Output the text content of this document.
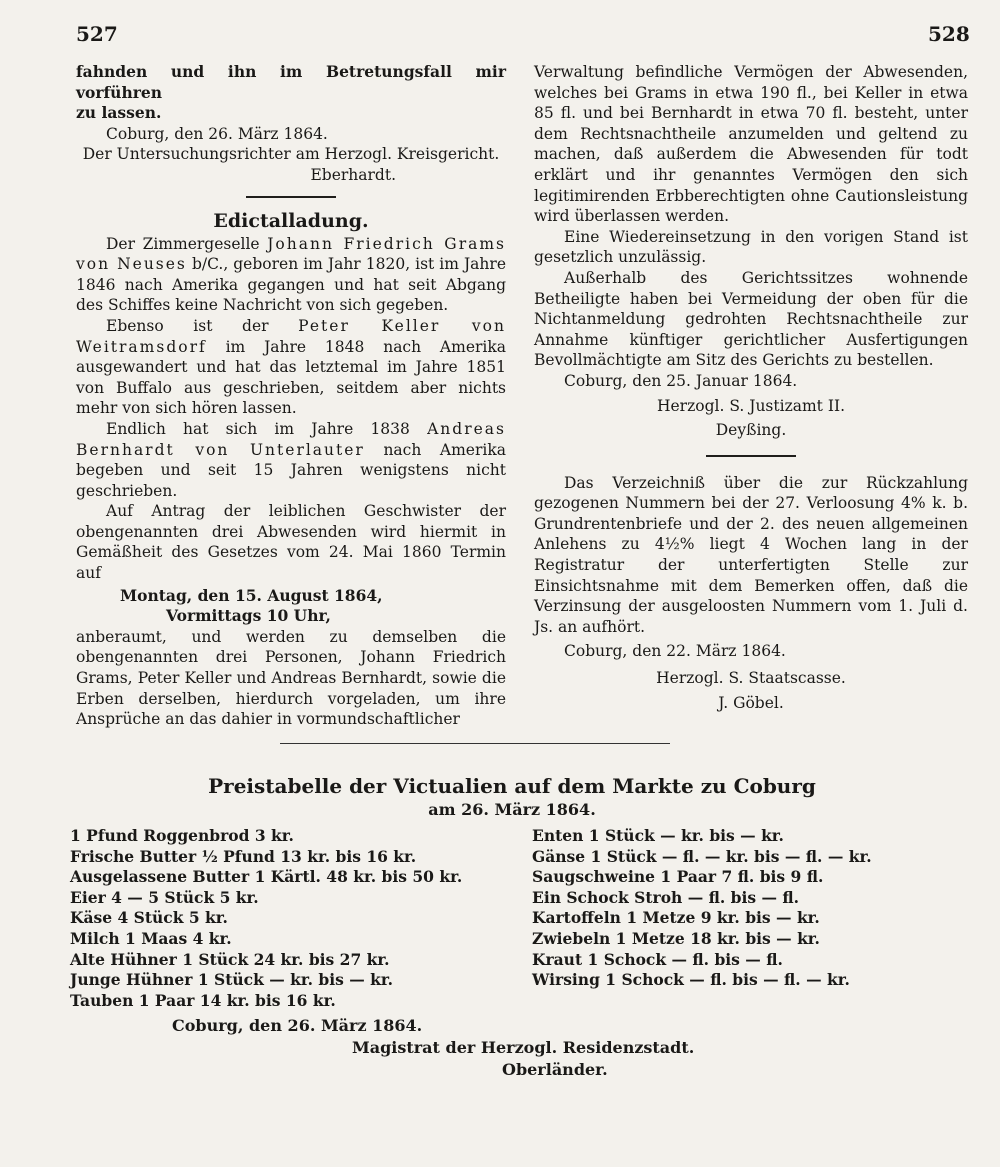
527	528

fahnden und ihn im Betretungsfall mir vorführen

zu lassen.

Coburg, den 26. März 1864.

Der Untersuchungsrichter am Herzogl. Kreisgericht.

Eberhardt.

Edictalladung.

Der Zimmergeselle Johann Friedrich Grams von Neuses b/C., geboren im Jahr 1820, ist im Jahre 1846 nach Amerika gegangen und hat seit Abgang des Schiffes keine Nachricht von sich gegeben.

Ebenso ist der Peter Keller von Weitramsdorf im Jahre 1848 nach Amerika ausgewandert und hat das letztemal im Jahre 1851 von Buffalo aus geschrieben, seitdem aber nichts mehr von sich hören lassen.

Endlich hat sich im Jahre 1838 Andreas Bernhardt von Unterlauter nach Amerika begeben und seit 15 Jahren wenigstens nicht geschrieben.

Auf Antrag der leiblichen Geschwister der obengenannten drei Abwesenden wird hiermit in Gemäßheit des Gesetzes vom 24. Mai 1860 Termin auf

Montag, den 15. August 1864,

Vormittags 10 Uhr,

anberaumt, und werden zu demselben die obengenannten drei Personen, Johann Friedrich Grams, Peter Keller und Andreas Bernhardt, sowie die Erben derselben, hierdurch vorgeladen, um ihre Ansprüche an das dahier in vormundschaftlicher

Verwaltung befindliche Vermögen der Abwesenden, welches bei Grams in etwa 190 fl., bei Keller in etwa 85 fl. und bei Bernhardt in etwa 70 fl. besteht, unter dem Rechtsnachtheile anzumelden und geltend zu machen, daß außerdem die Abwesenden für todt erklärt und ihr genanntes Vermögen den sich legitimirenden Erbberechtigten ohne Cautionsleistung wird überlassen werden.

Eine Wiedereinsetzung in den vorigen Stand ist gesetzlich unzulässig.

Außerhalb des Gerichtssitzes wohnende Betheiligte haben bei Vermeidung der oben für die Nichtanmeldung gedrohten Rechtsnachtheile zur Annahme künftiger gerichtlicher Ausfertigungen Bevollmächtigte am Sitz des Gerichts zu bestellen.

Coburg, den 25. Januar 1864.

Herzogl. S. Justizamt II.

Deyßing.

Das Verzeichniß über die zur Rückzahlung gezogenen Nummern bei der 27. Verloosung 4% k. b. Grundrentenbriefe und der 2. des neuen allgemeinen Anlehens zu 4½% liegt 4 Wochen lang in der Registratur der unterfertigten Stelle zur Einsichtsnahme mit dem Bemerken offen, daß die Verzinsung der ausgeloosten Nummern vom 1. Juli d. Js. an aufhört.

Coburg, den 22. März 1864.

Herzogl. S. Staatscasse.

J. Göbel.

Preistabelle der Victualien auf dem Markte zu Coburg
am 26. März 1864.
1 Pfund Roggenbrod 3 kr.
Frische Butter ½ Pfund 13 kr. bis 16 kr.
Ausgelassene Butter 1 Kärtl. 48 kr. bis 50 kr.
Eier 4 — 5 Stück 5 kr.
Käse 4 Stück 5 kr.
Milch 1 Maas 4 kr.
Alte Hühner 1 Stück 24 kr. bis 27 kr.
Junge Hühner 1 Stück — kr. bis — kr.
Tauben 1 Paar 14 kr. bis 16 kr.
Enten 1 Stück — kr. bis — kr.
Gänse 1 Stück — fl. — kr. bis — fl. — kr.
Saugschweine 1 Paar 7 fl. bis 9 fl.
Ein Schock Stroh — fl. bis — fl.
Kartoffeln 1 Metze 9 kr. bis — kr.
Zwiebeln 1 Metze 18 kr. bis — kr.
Kraut 1 Schock — fl. bis — fl.
Wirsing 1 Schock — fl. bis — fl. — kr.
Coburg, den 26. März 1864.
Magistrat der Herzogl. Residenzstadt.
Oberländer.
